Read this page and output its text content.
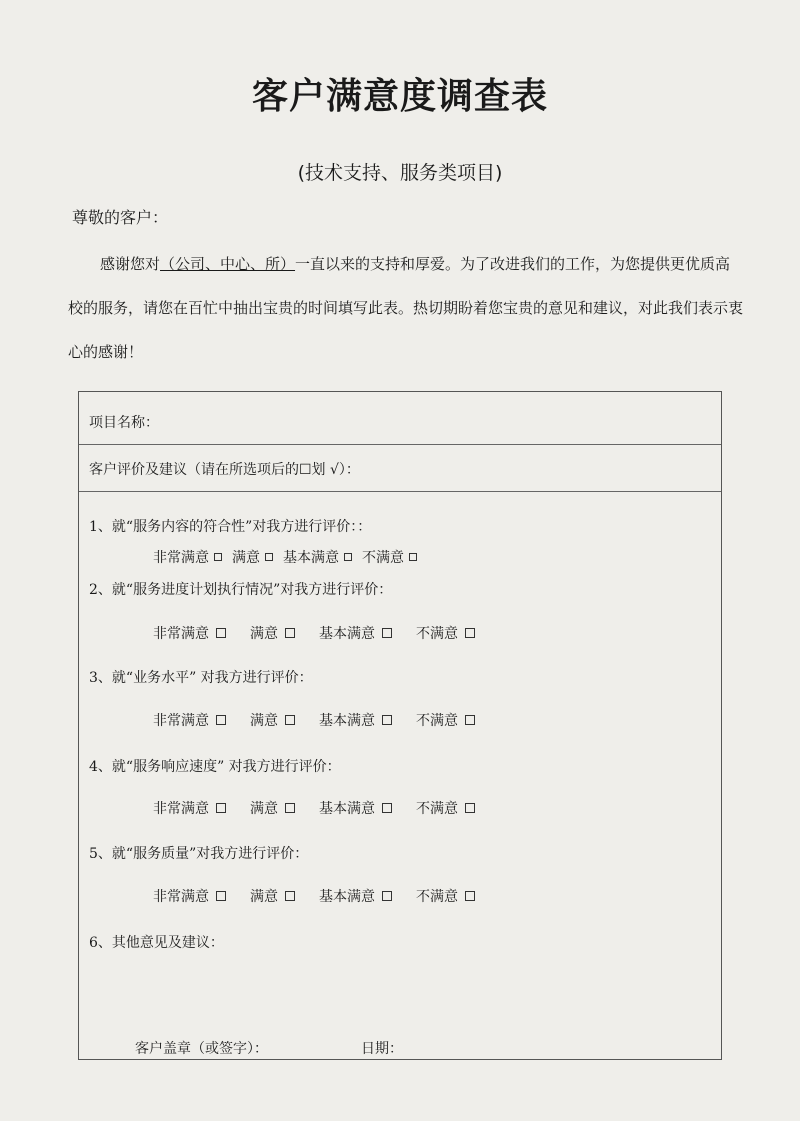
客户满意度调查表
(技术支持、服务类项目)
尊敬的客户：
感谢您对（公司、中心、所）一直以来的支持和厚爱。为了改进我们的工作，为您提供更优质高校的服务，请您在百忙中抽出宝贵的时间填写此表。热切期盼着您宝贵的意见和建议，对此我们表示衷心的感谢！
项目名称：
客户评价及建议（请在所选项后的☐划 √）：
1、就“服务内容的符合性”对我方进行评价：：
非常满意 满意 基本满意 不满意
2、就“服务进度计划执行情况”对我方进行评价：
非常满意	满意	基本满意	不满意
3、就“业务水平” 对我方进行评价：
非常满意	满意	基本满意	不满意
4、就“服务响应速度” 对我方进行评价：
非常满意	满意	基本满意	不满意
5、就“服务质量”对我方进行评价：
非常满意	满意	基本满意	不满意
6、其他意见及建议：
客户盖章（或签字）：	日期：
